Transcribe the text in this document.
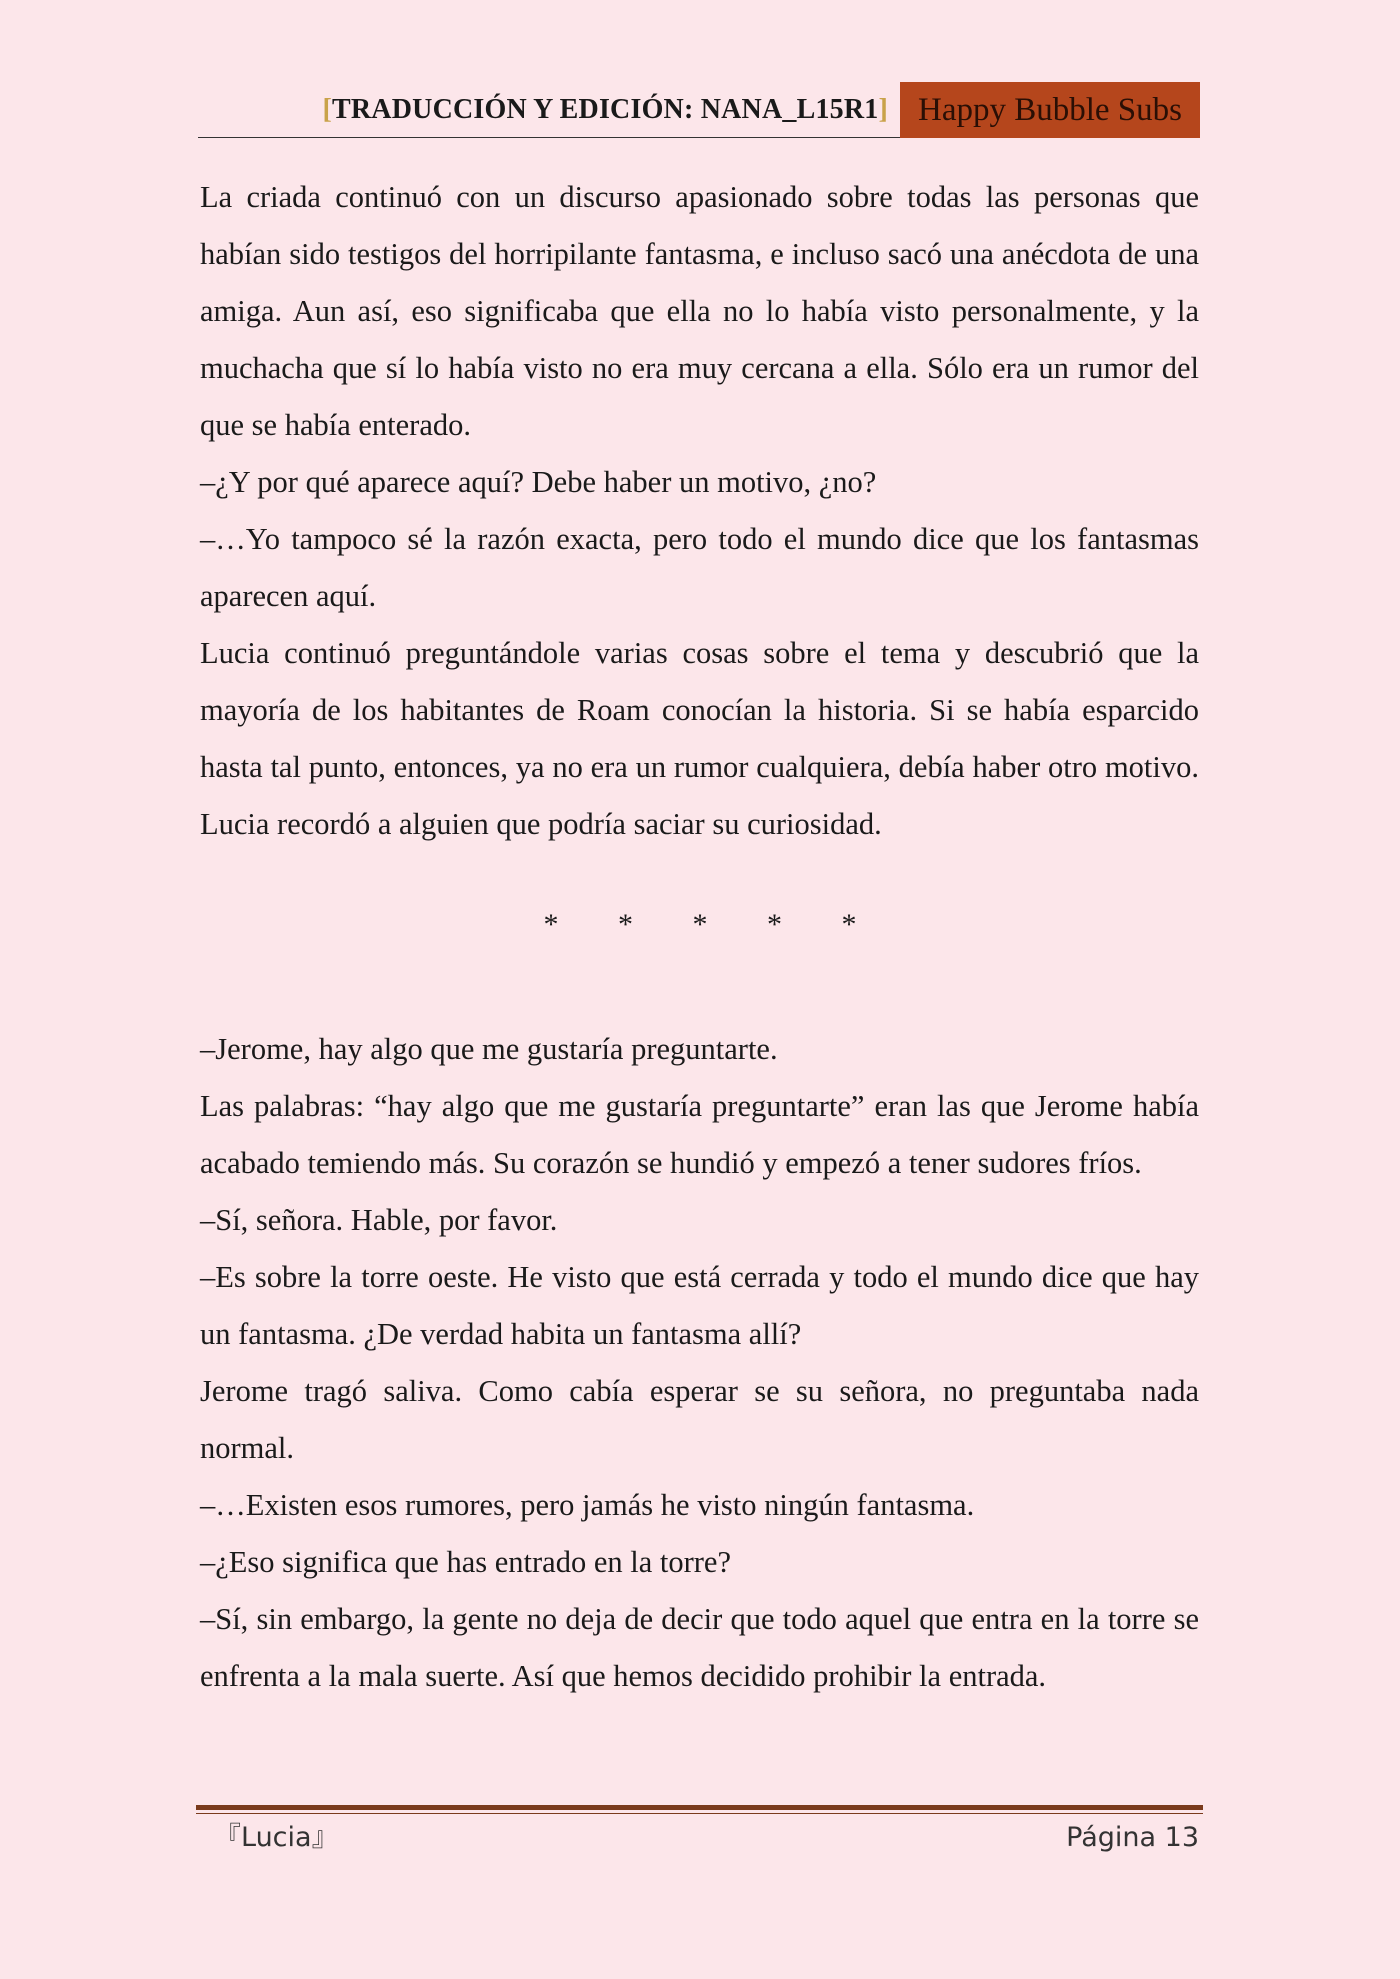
[TRADUCCIÓN Y EDICIÓN: NANA_L15R1] Happy Bubble Subs

La criada continuó con un discurso apasionado sobre todas las personas que habían sido testigos del horripilante fantasma, e incluso sacó una anécdota de una amiga. Aun así, eso significaba que ella no lo había visto personalmente, y la muchacha que sí lo había visto no era muy cercana a ella. Sólo era un rumor del que se había enterado.

–¿Y por qué aparece aquí? Debe haber un motivo, ¿no?

–…Yo tampoco sé la razón exacta, pero todo el mundo dice que los fantasmas aparecen aquí.

Lucia continuó preguntándole varias cosas sobre el tema y descubrió que la mayoría de los habitantes de Roam conocían la historia. Si se había esparcido hasta tal punto, entonces, ya no era un rumor cualquiera, debía haber otro motivo. Lucia recordó a alguien que podría saciar su curiosidad.

* * * * *

–Jerome, hay algo que me gustaría preguntarte.

Las palabras: “hay algo que me gustaría preguntarte” eran las que Jerome había acabado temiendo más. Su corazón se hundió y empezó a tener sudores fríos.

–Sí, señora. Hable, por favor.

–Es sobre la torre oeste. He visto que está cerrada y todo el mundo dice que hay un fantasma. ¿De verdad habita un fantasma allí?

Jerome tragó saliva. Como cabía esperar se su señora, no preguntaba nada normal.

–…Existen esos rumores, pero jamás he visto ningún fantasma.

–¿Eso significa que has entrado en la torre?

–Sí, sin embargo, la gente no deja de decir que todo aquel que entra en la torre se enfrenta a la mala suerte. Así que hemos decidido prohibir la entrada.

『Lucia』	Página 13
